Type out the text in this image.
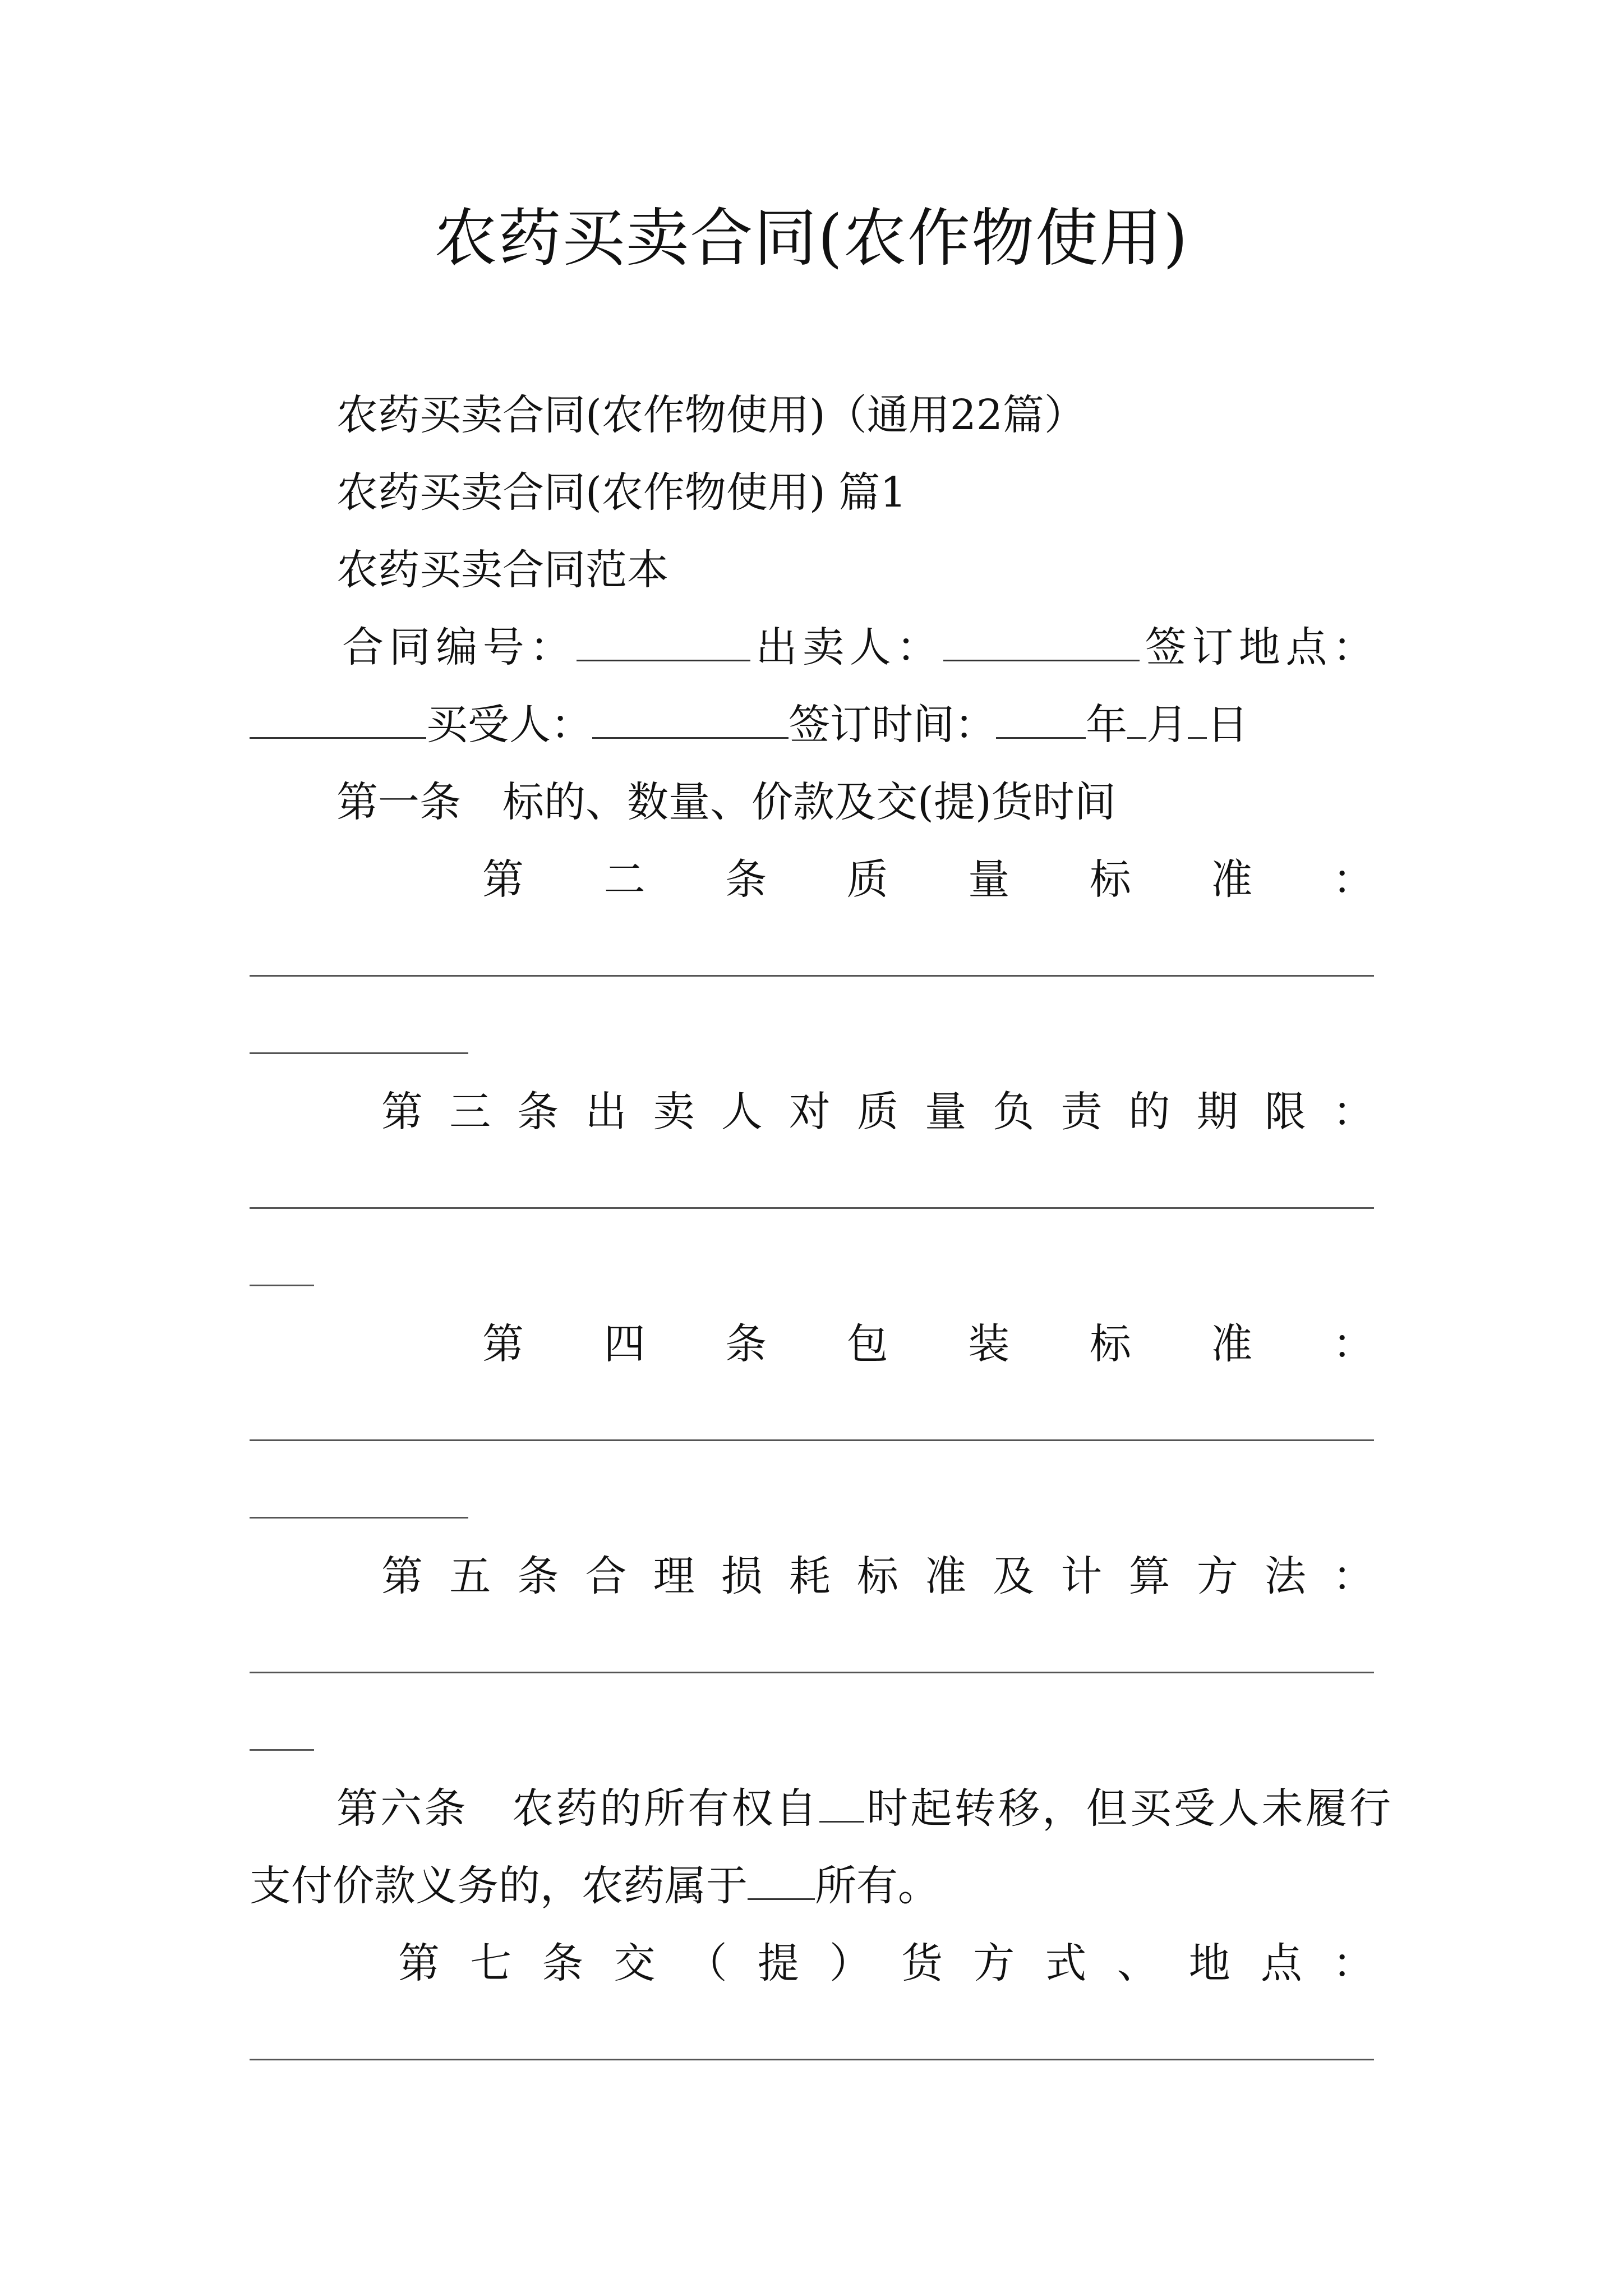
农药买卖合同(农作物使用)
农药买卖合同(农作物使用)（通用22篇）
农药买卖合同(农作物使用) 篇1
农药买卖合同范本
合同编号：	出卖人：	签订地点：
买受人：	签订时间： 年 月 日
第一条　标的、数量、价款及交(提)货时间
第 二 条 质 量 标 准 ：
第 三 条 出 卖 人 对 质 量 负 责 的 期 限 ：
第 四 条 包 装 标 准 ：
第 五 条 合 理 损 耗 标 准 及 计 算 方 法 ：
第六条　农药的所有权自 时起转移，但买受人未履行
支付价款义务的，农药属于 所有。
第 七 条 交 （ 提 ） 货 方 式 、 地 点 ：
